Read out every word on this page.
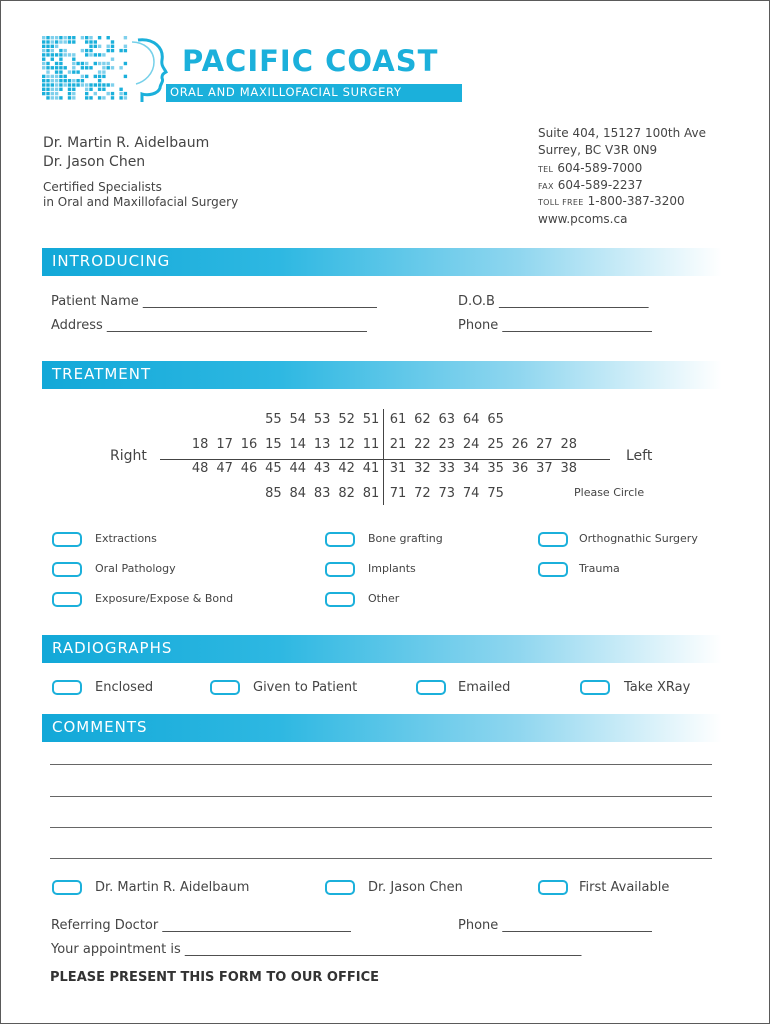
PACIFIC COAST
ORAL AND MAXILLOFACIAL SURGERY
Dr. Martin R. Aidelbaum
Dr. Jason Chen
Certified Specialists
in Oral and Maxillofacial Surgery
Suite 404, 15127 100th Ave
Surrey, BC V3R 0N9
TEL 604-589-7000
FAX 604-589-2237
TOLL FREE 1-800-387-3200
www.pcoms.ca
INTRODUCING
Patient Name ____________________________________	D.O.B _______________________
Address ________________________________________	Phone _______________________
TREATMENT
55 54 53 52 51 61 62 63 64 65
18 17 16 15 14 13 12 11 21 22 23 24 25 26 27 28
48 47 46 45 44 43 42 41 31 32 33 34 35 36 37 38
85 84 83 82 81 71 72 73 74 75
Right	Left
Please Circle
Extractions	Bone grafting	Orthognathic Surgery
Oral Pathology	Implants	Trauma
Exposure/Expose & Bond	Other
RADIOGRAPHS
Enclosed	Given to Patient	Emailed	Take XRay
COMMENTS
Dr. Martin R. Aidelbaum	Dr. Jason Chen	First Available
Referring Doctor _____________________________	Phone _______________________
Your appointment is _____________________________________________________________
PLEASE PRESENT THIS FORM TO OUR OFFICE
